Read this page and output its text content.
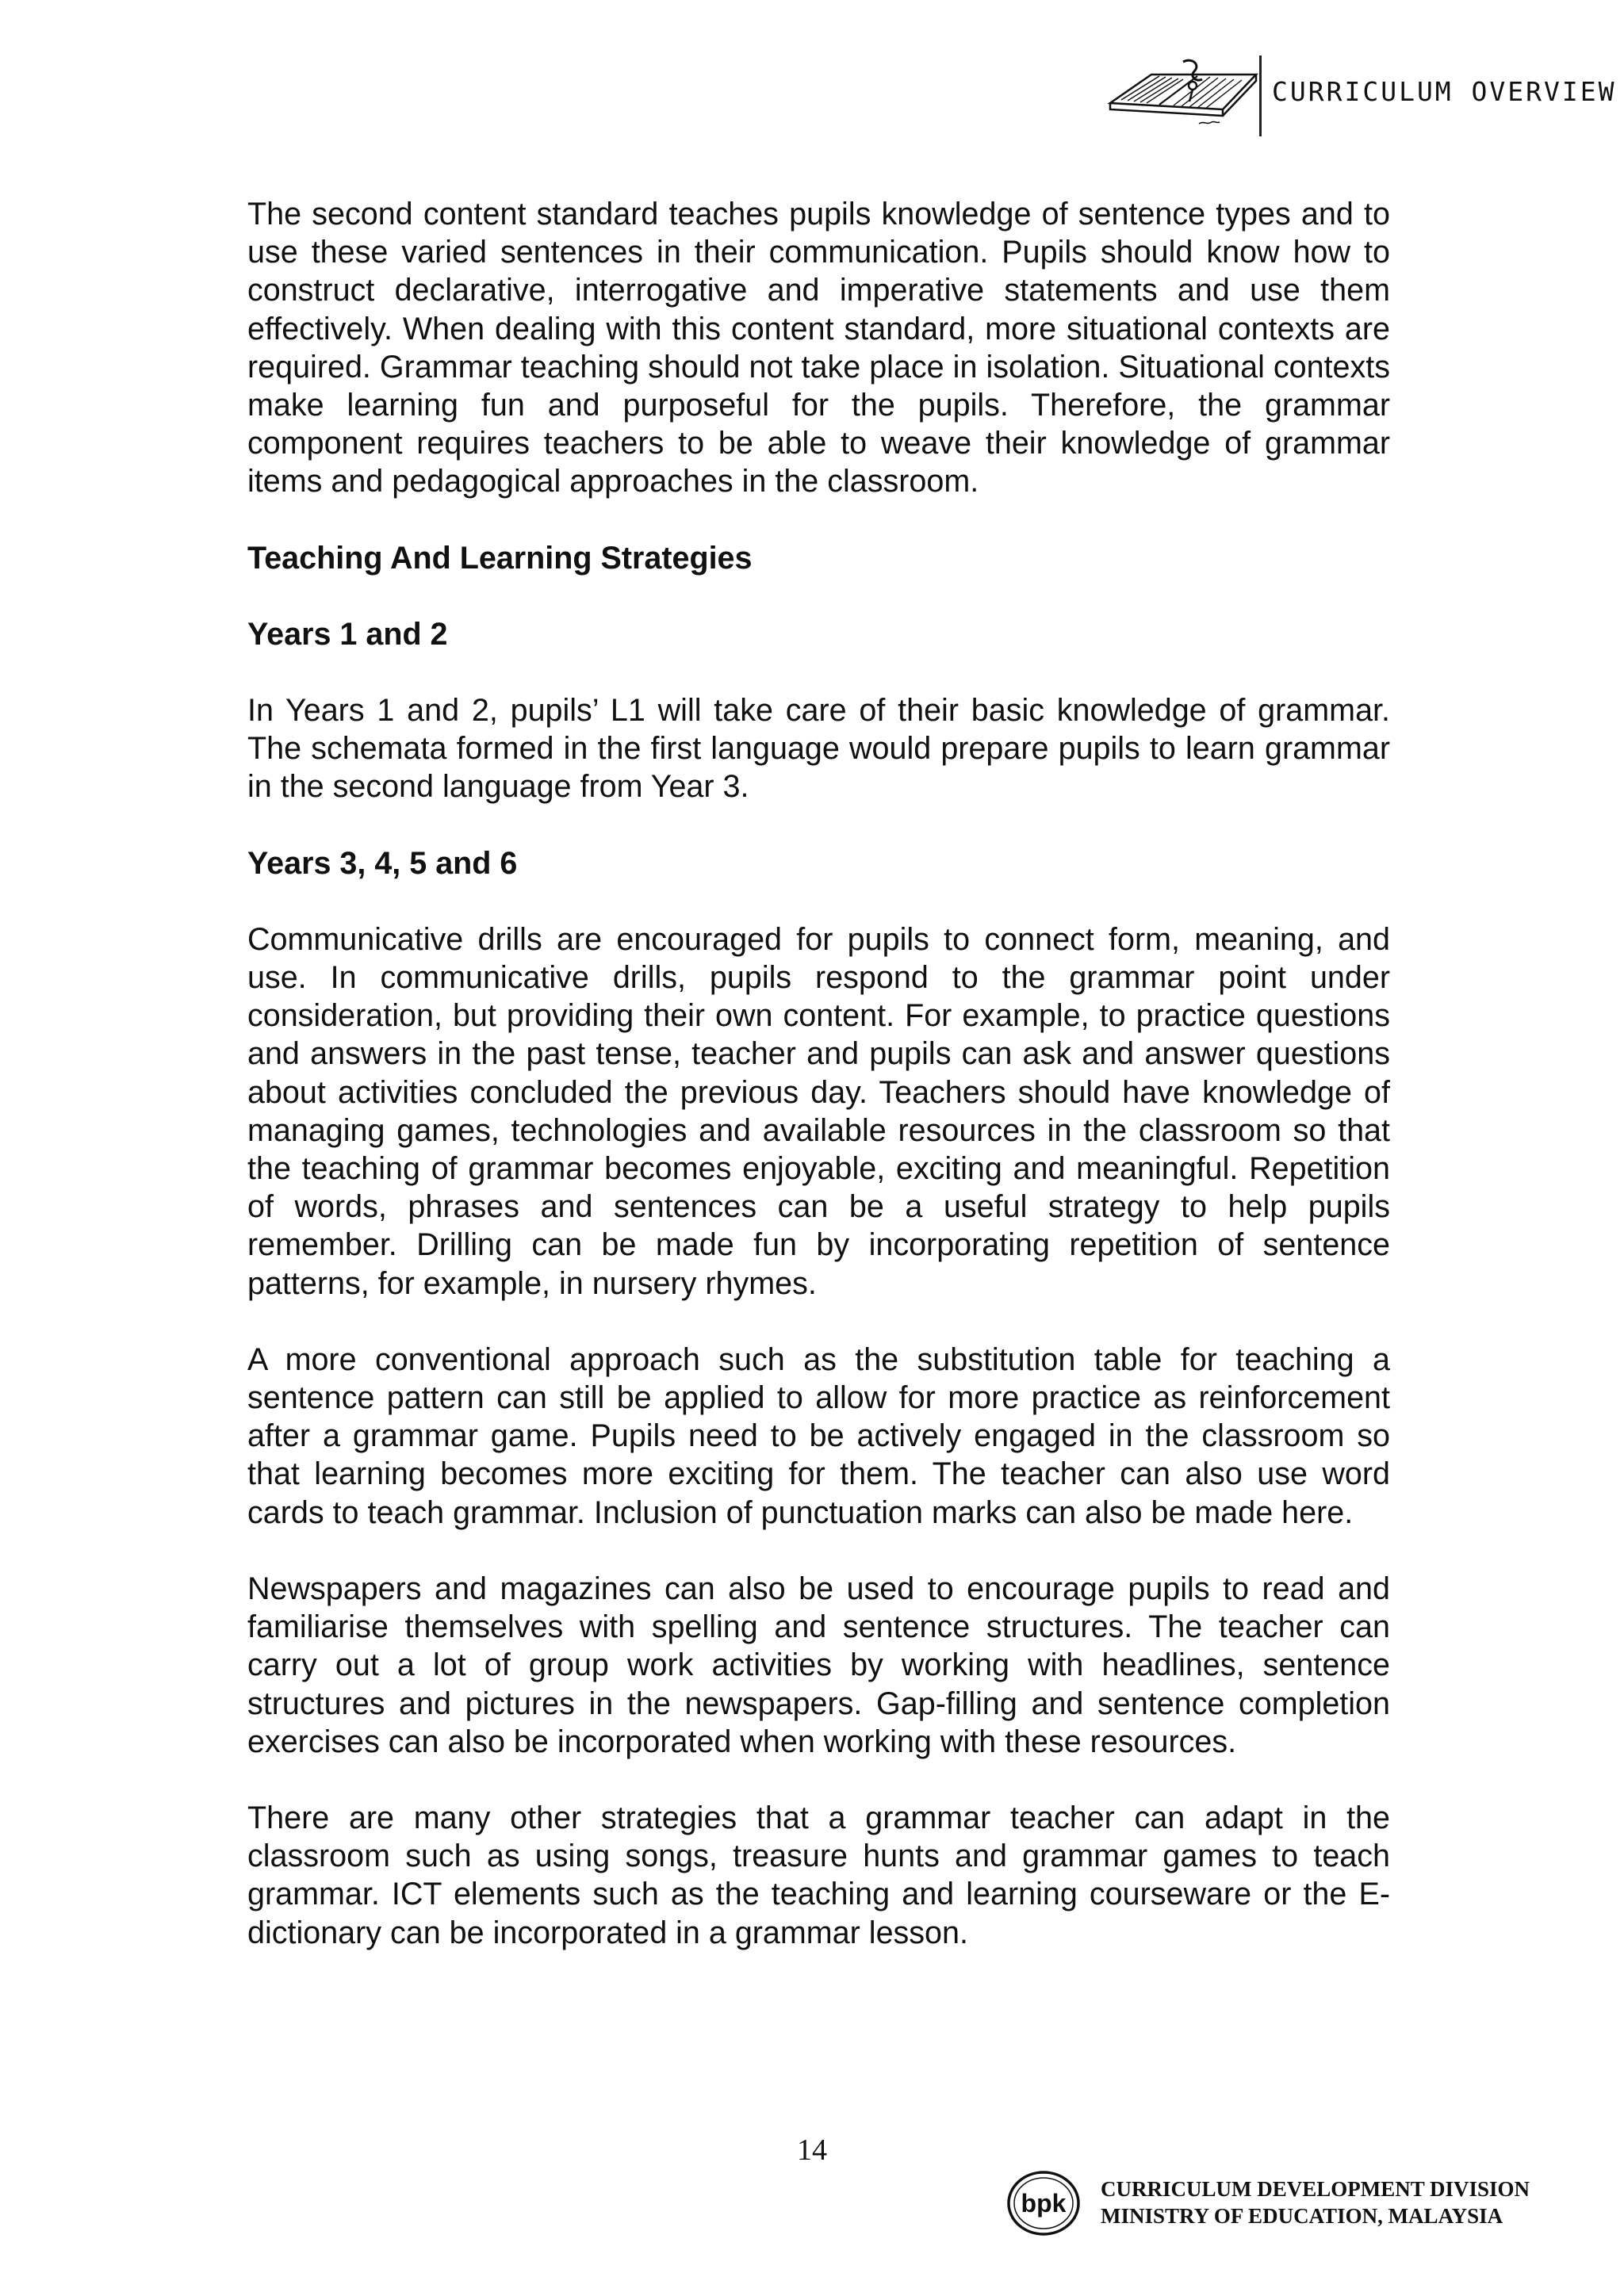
CURRICULUM OVERVIEW

The second content standard teaches pupils knowledge of sentence types and to use these varied sentences in their communication. Pupils should know how to construct declarative, interrogative and imperative statements and use them effectively. When dealing with this content standard, more situational contexts are required. Grammar teaching should not take place in isolation. Situational contexts make learning fun and purposeful for the pupils. Therefore, the grammar component requires teachers to be able to weave their knowledge of grammar items and pedagogical approaches in the classroom.

Teaching And Learning Strategies

Years 1 and 2

In Years 1 and 2, pupils’ L1 will take care of their basic knowledge of grammar. The schemata formed in the first language would prepare pupils to learn grammar in the second language from Year 3.

Years 3, 4, 5 and 6

Communicative drills are encouraged for pupils to connect form, meaning, and use. In communicative drills, pupils respond to the grammar point under consideration, but providing their own content. For example, to practice questions and answers in the past tense, teacher and pupils can ask and answer questions about activities concluded the previous day. Teachers should have knowledge of managing games, technologies and available resources in the classroom so that the teaching of grammar becomes enjoyable, exciting and meaningful. Repetition of words, phrases and sentences can be a useful strategy to help pupils remember. Drilling can be made fun by incorporating repetition of sentence patterns, for example, in nursery rhymes.

A more conventional approach such as the substitution table for teaching a sentence pattern can still be applied to allow for more practice as reinforcement after a grammar game. Pupils need to be actively engaged in the classroom so that learning becomes more exciting for them. The teacher can also use word cards to teach grammar. Inclusion of punctuation marks can also be made here.

Newspapers and magazines can also be used to encourage pupils to read and familiarise themselves with spelling and sentence structures. The teacher can carry out a lot of group work activities by working with headlines, sentence structures and pictures in the newspapers. Gap-filling and sentence completion exercises can also be incorporated when working with these resources.

There are many other strategies that a grammar teacher can adapt in the classroom such as using songs, treasure hunts and grammar games to teach grammar. ICT elements such as the teaching and learning courseware or the E-dictionary can be incorporated in a grammar lesson.

14
bpk CURRICULUM DEVELOPMENT DIVISION
MINISTRY OF EDUCATION, MALAYSIA
